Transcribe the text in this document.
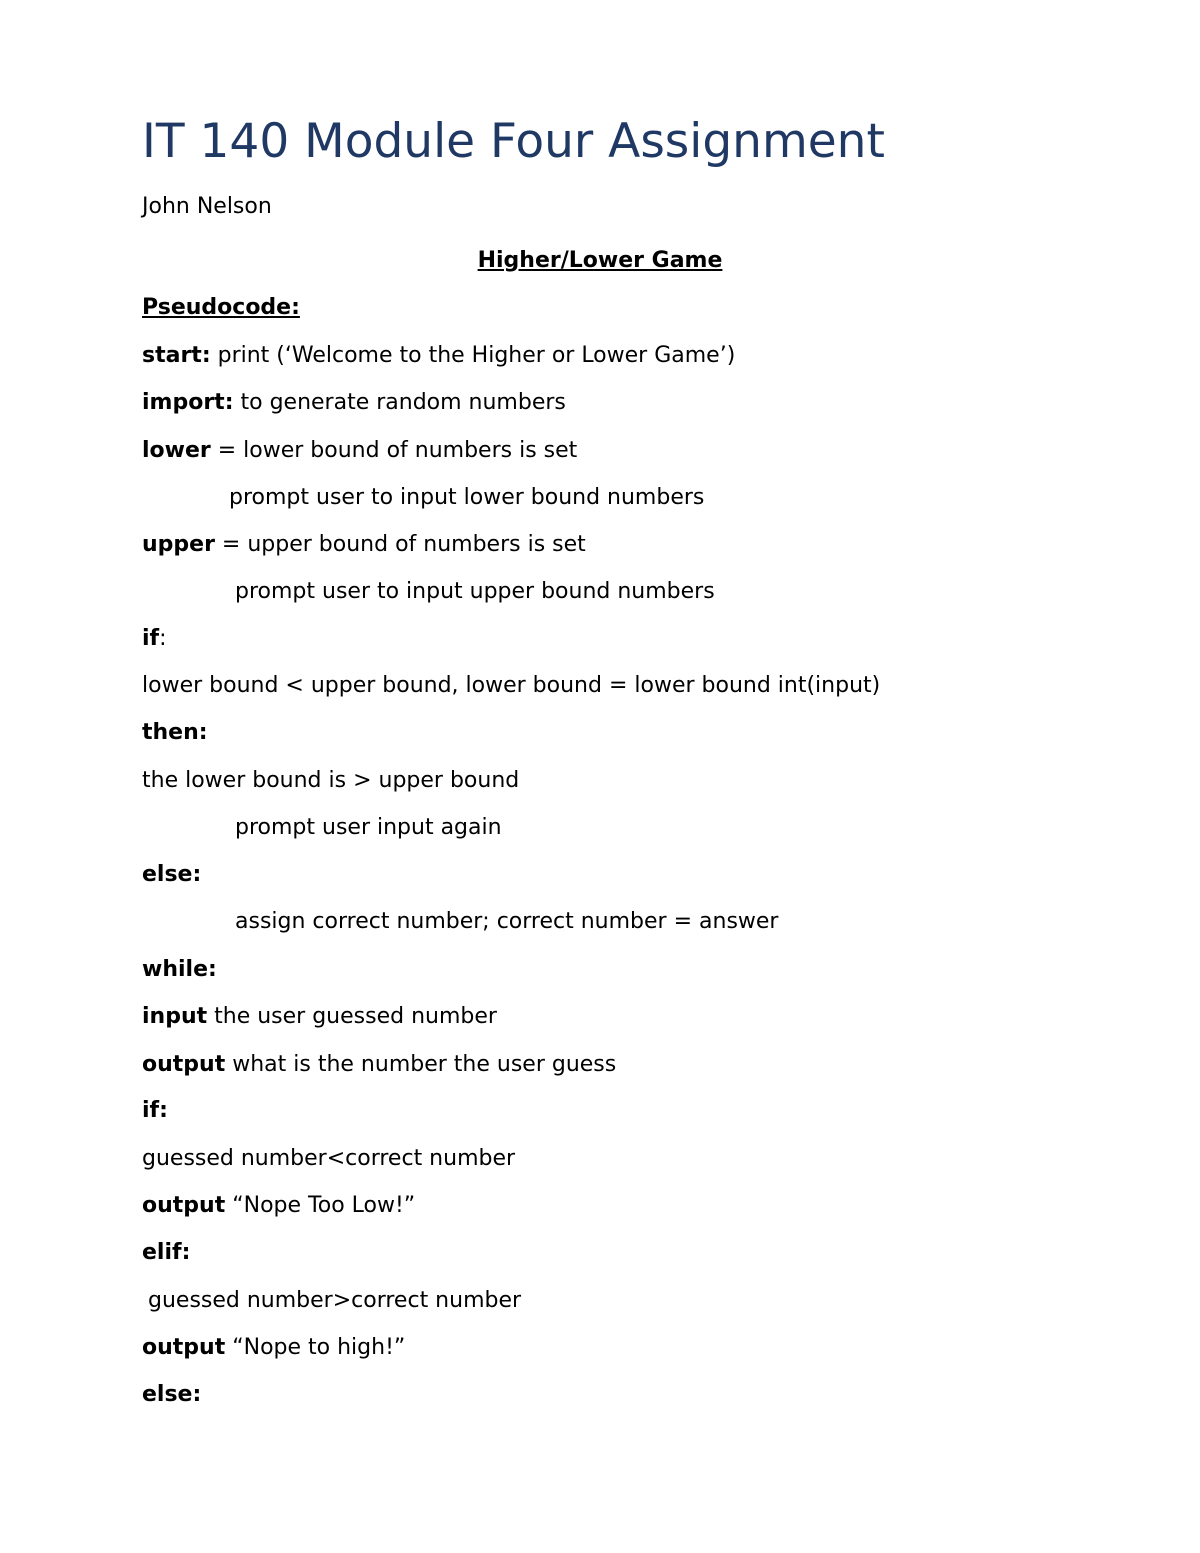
IT 140 Module Four Assignment
John Nelson
Higher/Lower Game
Pseudocode:
start: print (‘Welcome to the Higher or Lower Game’)
import: to generate random numbers
lower = lower bound of numbers is set
prompt user to input lower bound numbers
upper = upper bound of numbers is set
prompt user to input upper bound numbers
if:
lower bound < upper bound, lower bound = lower bound int(input)
then:
the lower bound is > upper bound
prompt user input again
else:
assign correct number; correct number = answer
while:
input the user guessed number
output what is the number the user guess
if:
guessed number<correct number
output “Nope Too Low!”
elif:
guessed number>correct number
output “Nope to high!”
else:
